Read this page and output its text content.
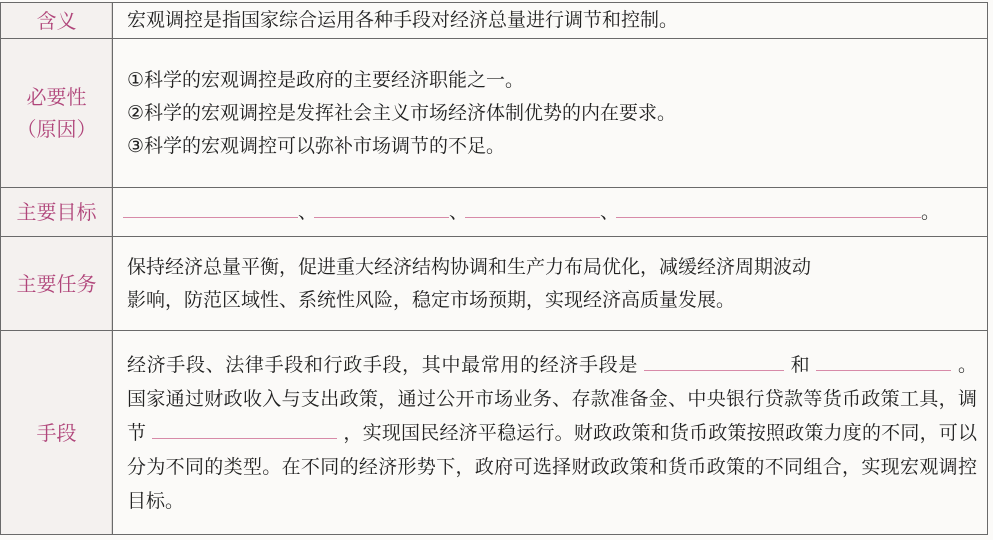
含义	宏观调控是指国家综合运用各种手段对经济总量进行调节和控制。

必要性
（原因）	①科学的宏观调控是政府的主要经济职能之一。
②科学的宏观调控是发挥社会主义市场经济体制优势的内在要求。
③科学的宏观调控可以弥补市场调节的不足。

主要目标	、 、 、 。
主要任务	保持经济总量平衡，促进重大经济结构协调和生产力布局优化，减缓经济周期波动
影响，防范区域性、系统性风险，稳定市场预期，实现经济高质量发展。

手段	经济手段、法律手段和行政手段，其中最常用的经济手段是 和 。国家通过财政收入与支出政策，通过公开市场业务、存款准备金、中央银行贷款等货币政策工具，调节 ，实现国民经济平稳运行。财政政策和货币政策按照政策力度的不同，可以分为不同的类型。在不同的经济形势下，政府可选择财政政策和货币政策的不同组合，实现宏观调控目标。
